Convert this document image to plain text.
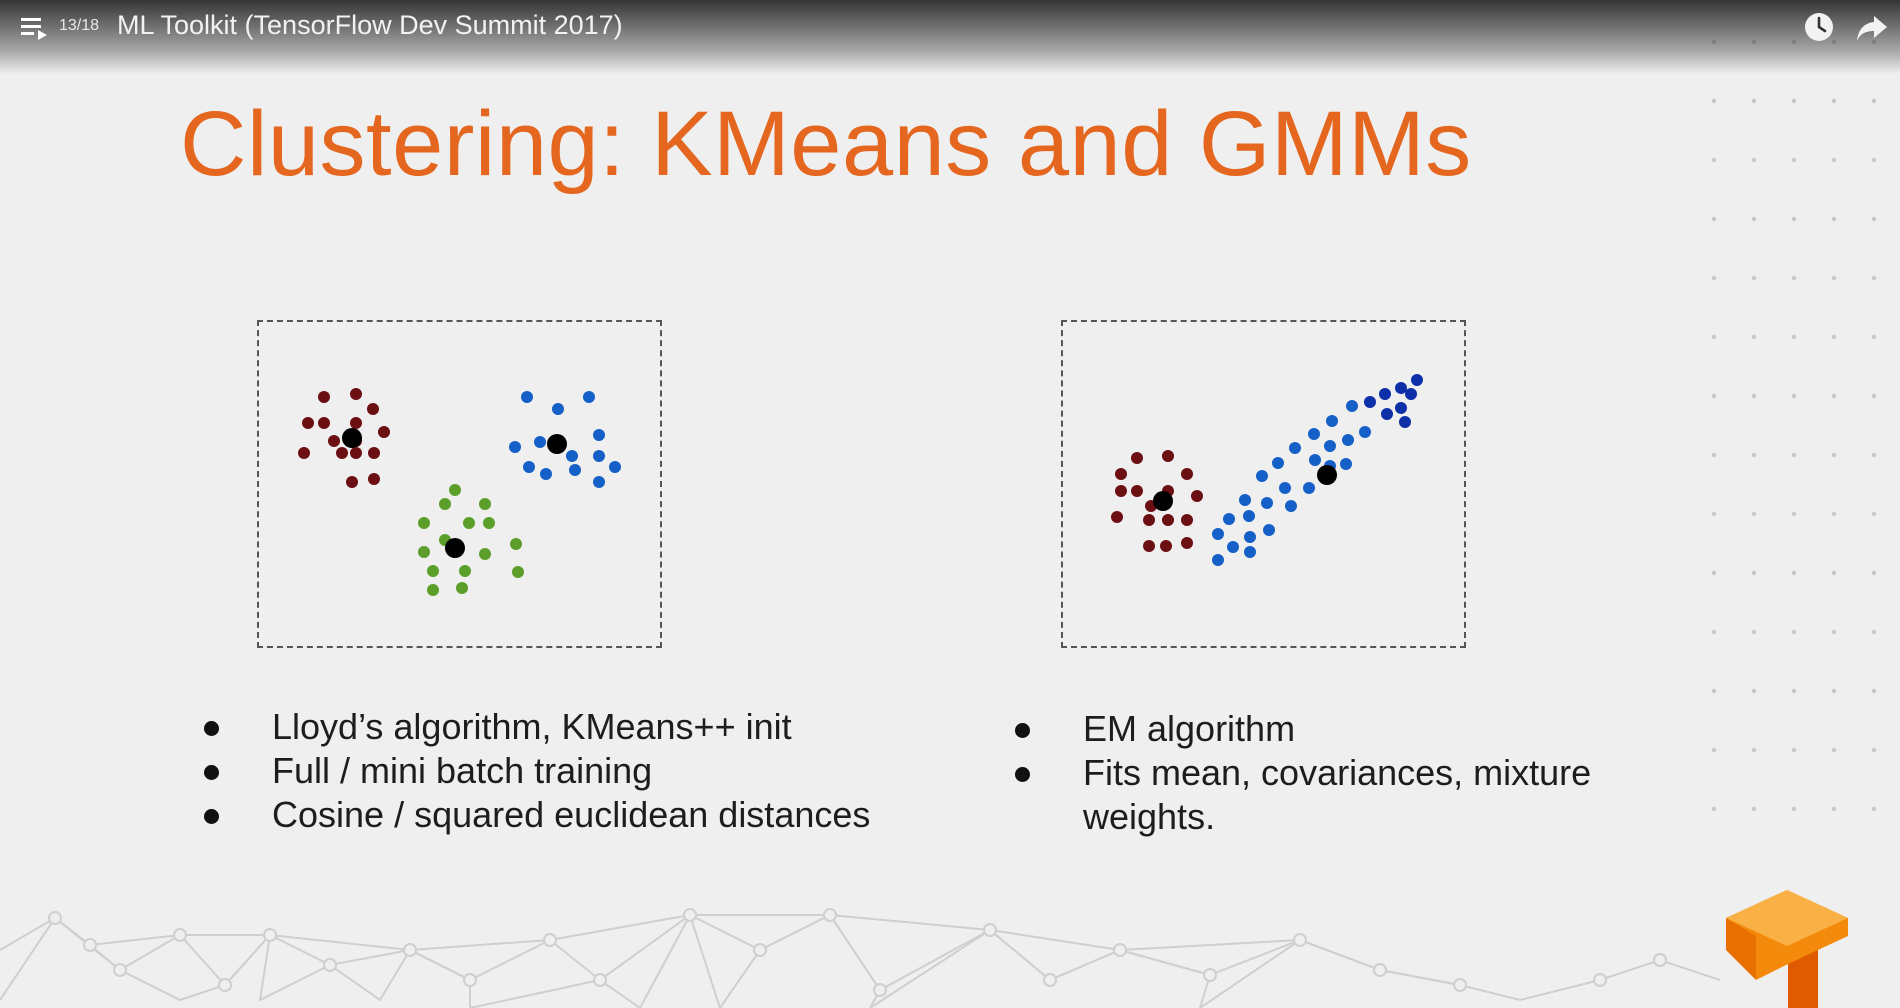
Clustering: KMeans and GMMs
Lloyd’s algorithm, KMeans++ init
Full / mini batch training
Cosine / squared euclidean distances
EM algorithm
Fits mean, covariances, mixture weights.
13/18 ML Toolkit (TensorFlow Dev Summit 2017)
